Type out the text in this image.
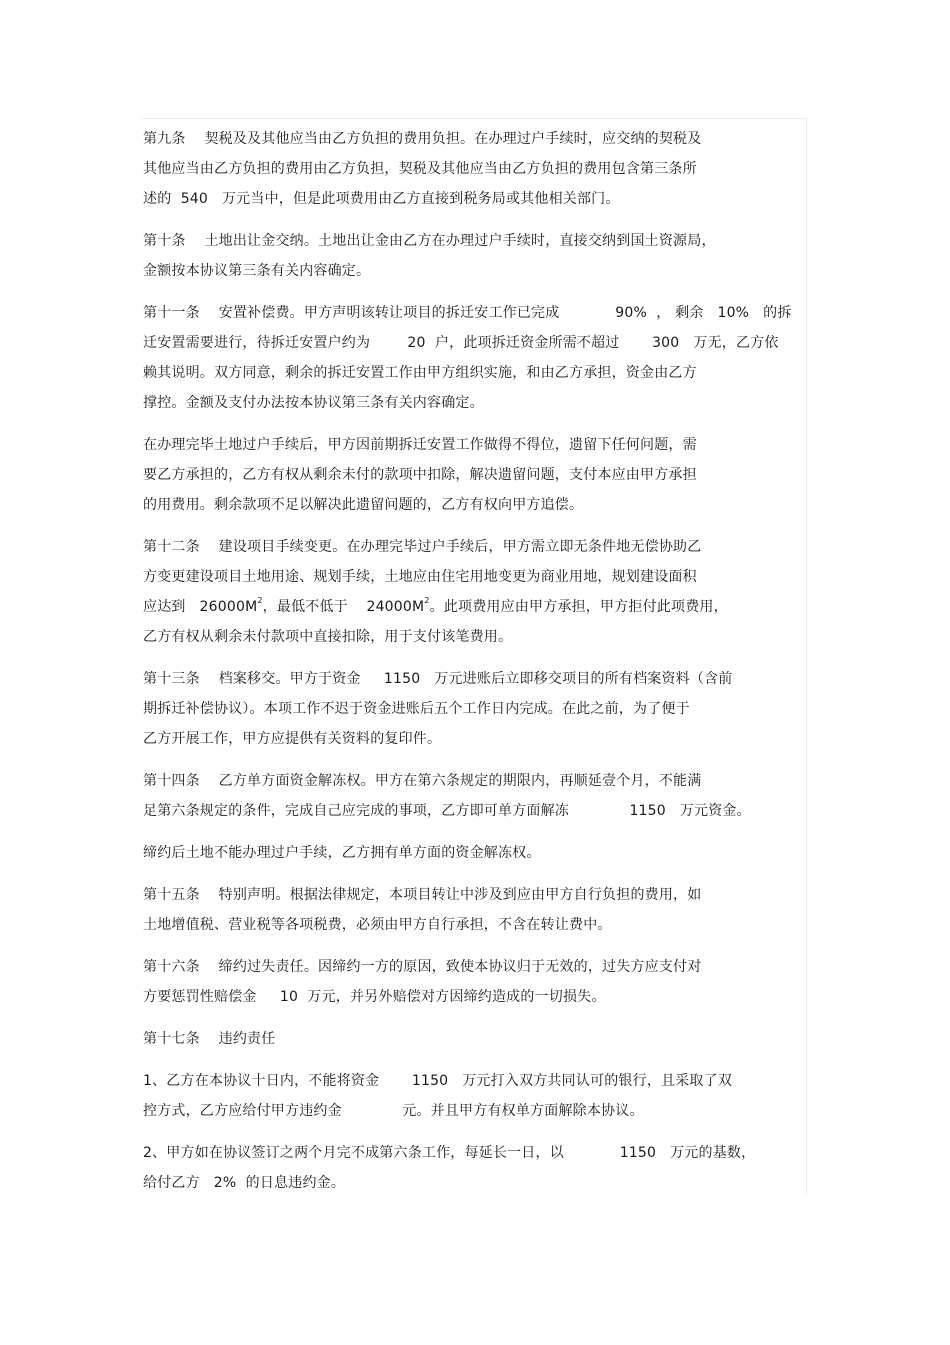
第九条　 契税及及其他应当由乙方负担的费用负担。在办理过户手续时，应交纳的契税及
其他应当由乙方负担的费用由乙方负担，契税及其他应当由乙方负担的费用包含第三条所
述的  540   万元当中，但是此项费用由乙方直接到税务局或其他相关部门。
第十条　 土地出让金交纳。土地出让金由乙方在办理过户手续时，直接交纳到国土资源局，
金额按本协议第三条有关内容确定。
第十一条　 安置补偿费。甲方声明该转让项目的拆迁安工作已完成            90%  ， 剩余   10%   的拆
迁安置需要进行，待拆迁安置户约为        20  户，此项拆迁资金所需不超过       300   万无，乙方依
赖其说明。双方同意，剩余的拆迁安置工作由甲方组织实施，和由乙方承担，资金由乙方
撑控。金额及支付办法按本协议第三条有关内容确定。
在办理完毕土地过户手续后，甲方因前期拆迁安置工作做得不得位，遗留下任何问题，需
要乙方承担的，乙方有权从剩余未付的款项中扣除，解决遗留问题，支付本应由甲方承担
的用费用。剩余款项不足以解决此遗留问题的，乙方有权向甲方追偿。
第十二条　 建设项目手续变更。在办理完毕过户手续后，甲方需立即无条件地无偿协助乙
方变更建设项目土地用途、规划手续，土地应由住宅用地变更为商业用地，规划建设面积
应达到   $26000M^2$，最低不低于    $24000M^2$。此项费用应由甲方承担，甲方拒付此项费用，
乙方有权从剩余未付款项中直接扣除，用于支付该笔费用。
第十三条　 档案移交。甲方于资金     1150   万元进账后立即移交项目的所有档案资料（含前
期拆迁补偿协议）。本项工作不迟于资金进账后五个工作日内完成。在此之前，为了便于
乙方开展工作，甲方应提供有关资料的复印件。
第十四条　 乙方单方面资金解冻权。甲方在第六条规定的期限内，再顺延壹个月，不能满
足第六条规定的条件，完成自己应完成的事项，乙方即可单方面解冻             1150   万元资金。
缔约后土地不能办理过户手续，乙方拥有单方面的资金解冻权。
第十五条　 特别声明。根据法律规定，本项目转让中涉及到应由甲方自行负担的费用，如
土地增值税、营业税等各项税费，必须由甲方自行承担，不含在转让费中。
第十六条　 缔约过失责任。因缔约一方的原因，致使本协议归于无效的，过失方应支付对
方要惩罚性赔偿金     10  万元，并另外赔偿对方因缔约造成的一切损失。
第十七条　 违约责任
1、乙方在本协议十日内，不能将资金       1150   万元打入双方共同认可的银行，且采取了双
控方式，乙方应给付甲方违约金             元。并且甲方有权单方面解除本协议。
2、甲方如在协议签订之两个月完不成第六条工作，每延长一日，以            1150   万元的基数，
给付乙方   2%  的日息违约金。
